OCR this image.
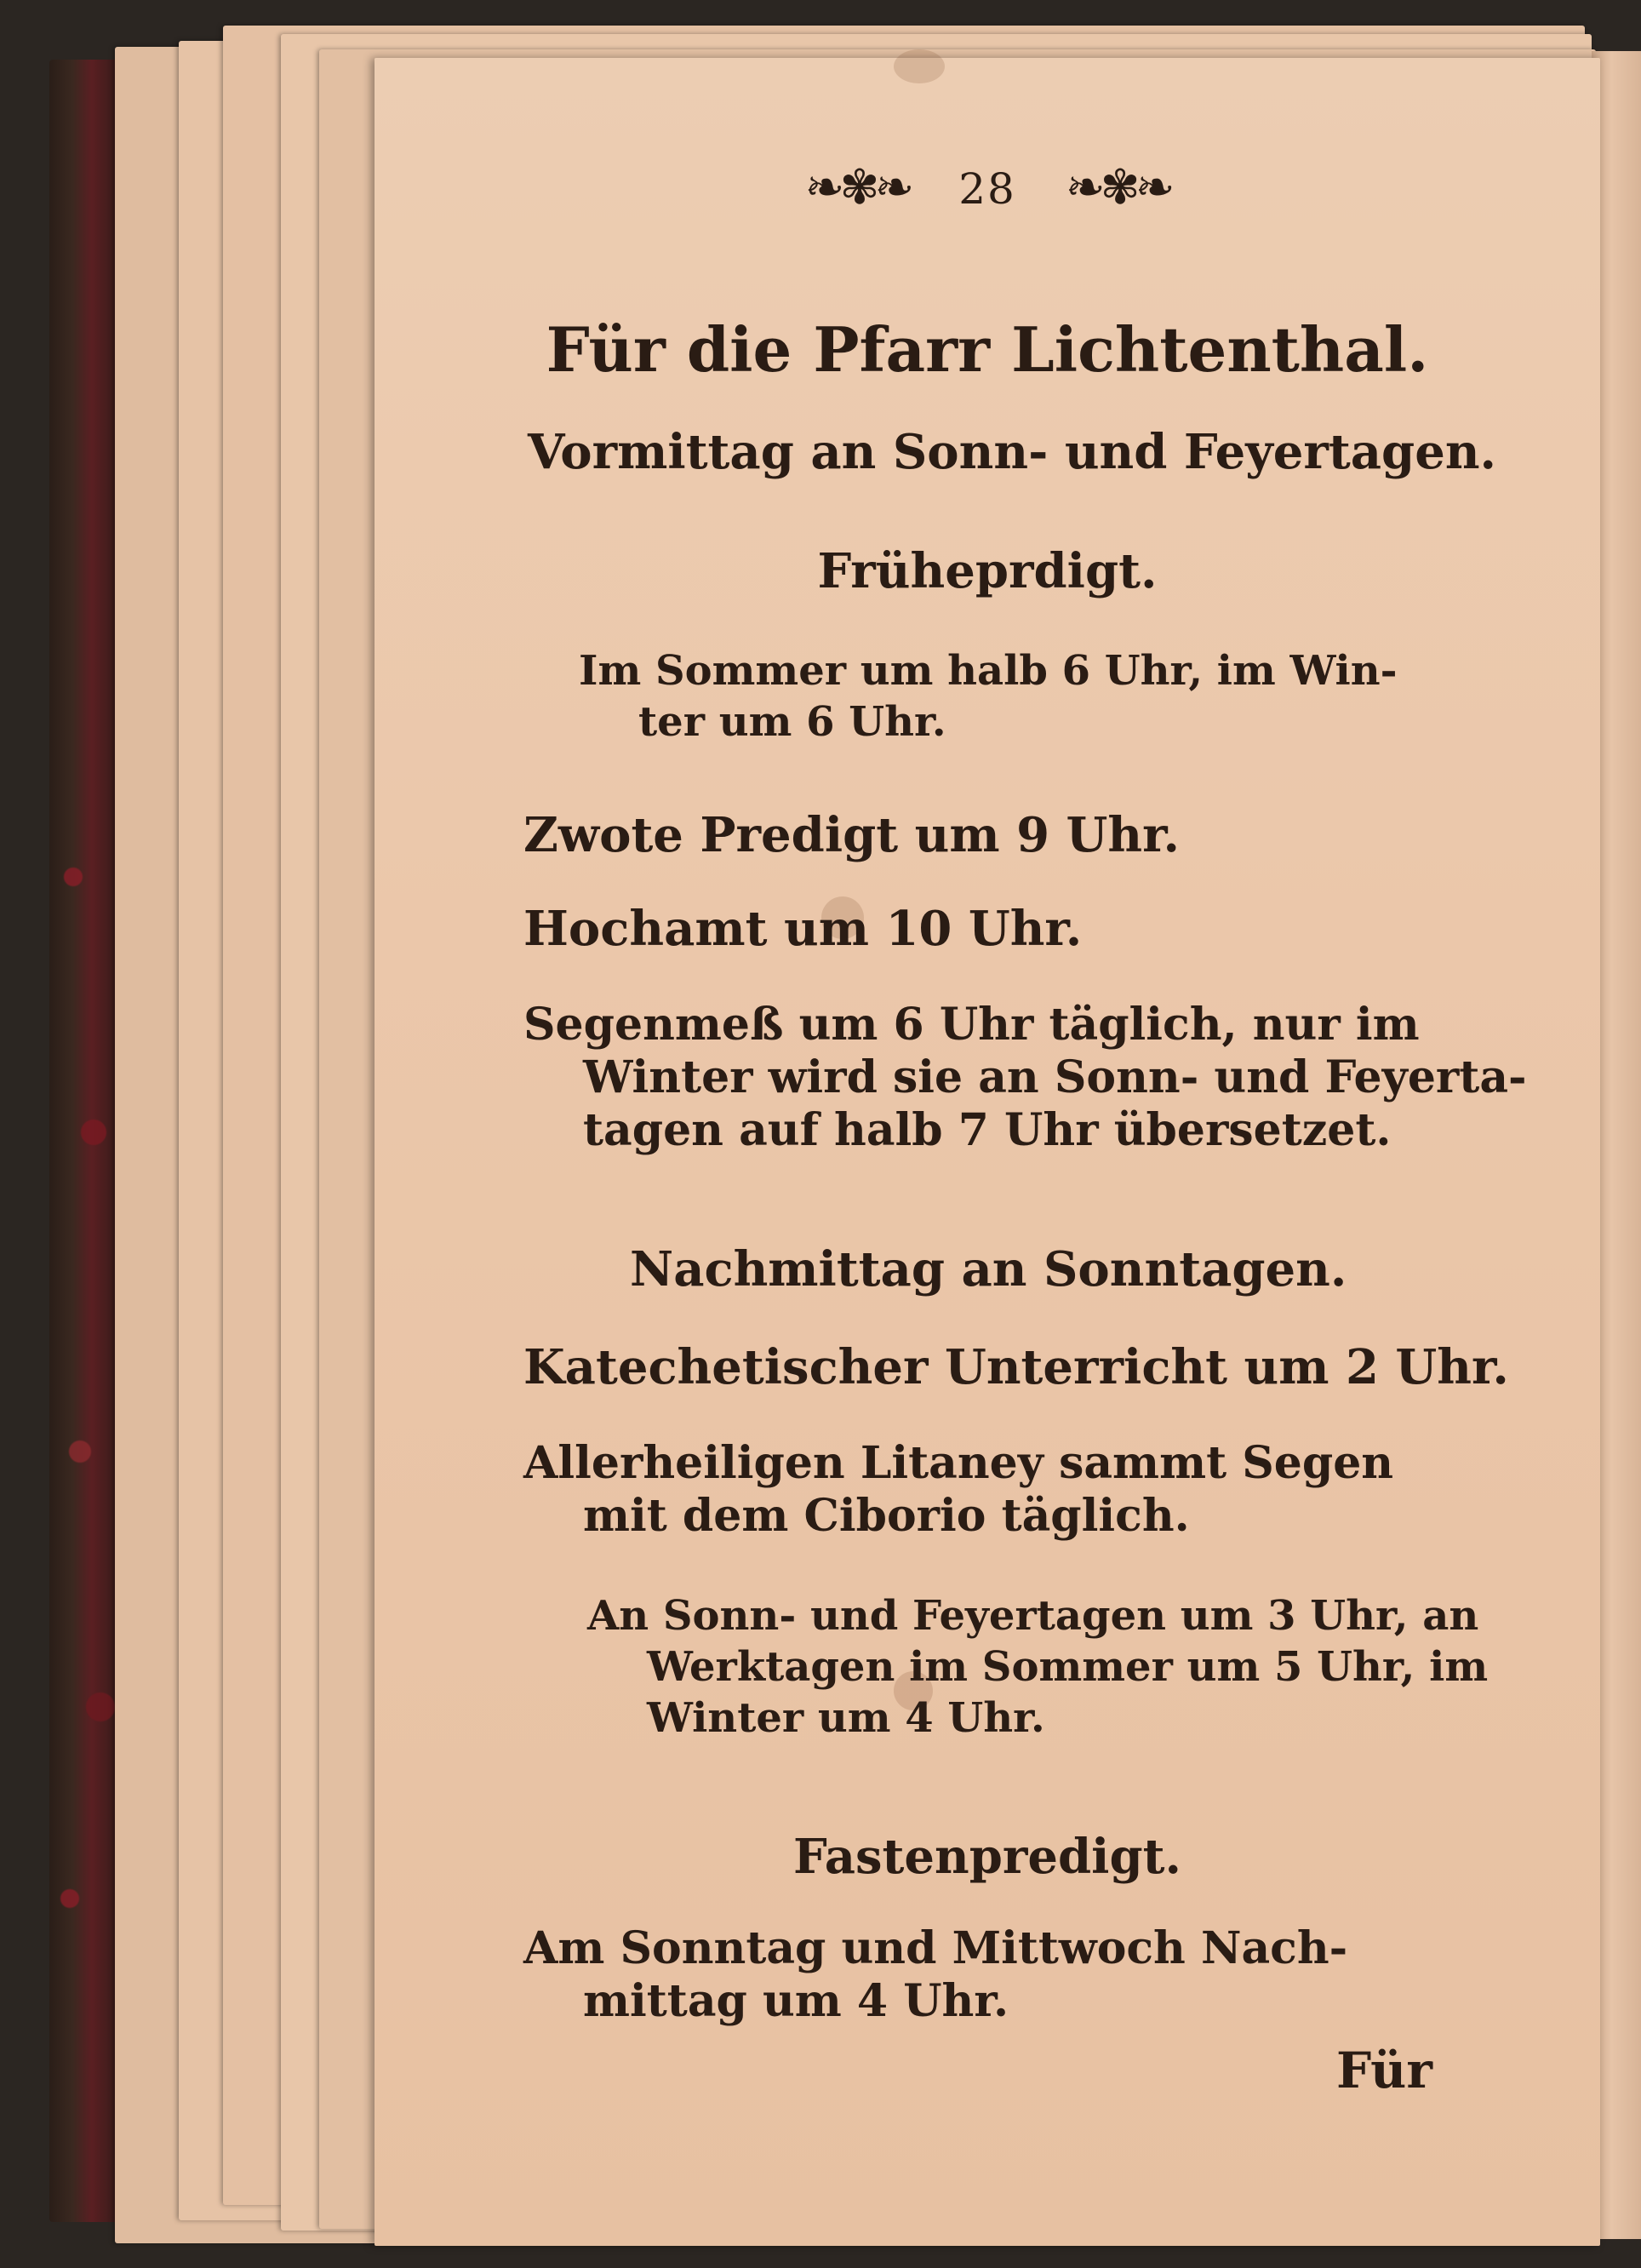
❧✾❧ 28 ❧✾❧
Für die Pfarr Lichtenthal.
Vormittag an Sonn- und Feyertagen.
Früheprdigt.
Im Sommer um halb 6 Uhr, im Win-
ter um 6 Uhr.
Zwote Predigt um 9 Uhr.
Hochamt um 10 Uhr.
Segenmeß um 6 Uhr täglich, nur im
Winter wird sie an Sonn- und Feyerta-
tagen auf halb 7 Uhr übersetzet.
Nachmittag an Sonntagen.
Katechetischer Unterricht um 2 Uhr.
Allerheiligen Litaney sammt Segen
mit dem Ciborio täglich.
An Sonn- und Feyertagen um 3 Uhr, an
Werktagen im Sommer um 5 Uhr, im
Winter um 4 Uhr.
Fastenpredigt.
Am Sonntag und Mittwoch Nach-
mittag um 4 Uhr.
Für
